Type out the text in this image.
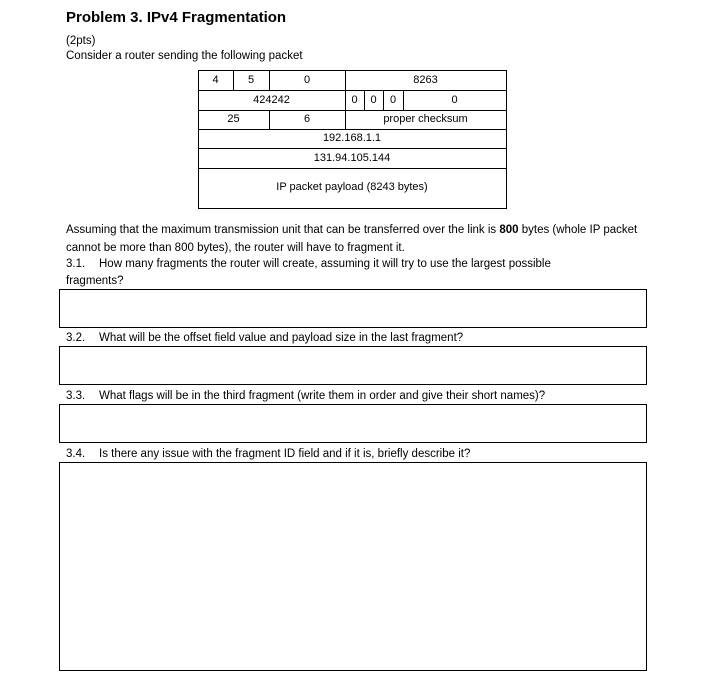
Problem 3. IPv4 Fragmentation
(2pts)
Consider a router sending the following packet
4	5	0	8263
424242	0	0	0	0
25	6	proper checksum
192.168.1.1
131.94.105.144
IP packet payload (8243 bytes)
Assuming that the maximum transmission unit that can be transferred over the link is 800 bytes (whole IP packet cannot be more than 800 bytes), the router will have to fragment it.
3.1. How many fragments the router will create, assuming it will try to use the largest possible
fragments?
3.2. What will be the offset field value and payload size in the last fragment?
3.3. What flags will be in the third fragment (write them in order and give their short names)?
3.4. Is there any issue with the fragment ID field and if it is, briefly describe it?
